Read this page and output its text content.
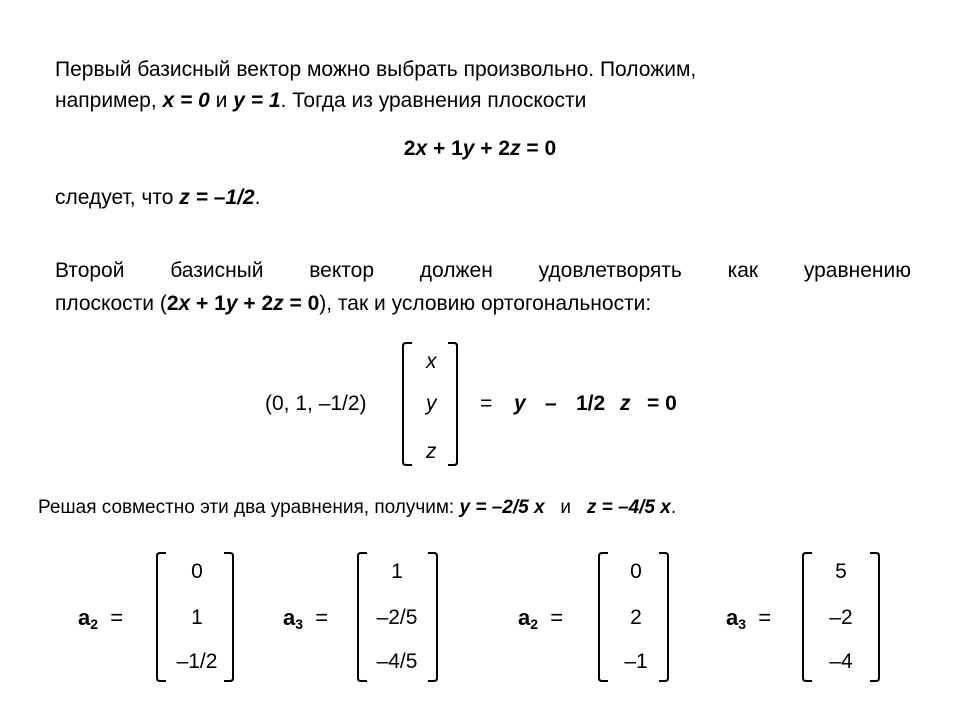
Первый базисный вектор можно выбрать произвольно. Положим,
например, x = 0 и y = 1. Тогда из уравнения плоскости
2x + 1y + 2z = 0
следует, что z = –1/2.
Второй базисный вектор должен удовлетворять как уравнению
плоскости (2x + 1y + 2z = 0), так и условию ортогональности:
(0, 1, –1/2)
x
y
z
= y – 1/2 z = 0
Решая совместно эти два уравнения, получим: y = –2/5 x и z = –4/5 x.
$a_2$ =
0
1
–1/2
$a_3$ =
1
–2/5
–4/5
$a_2$ =
0
2
–1
$a_3$ =
5
–2
–4
